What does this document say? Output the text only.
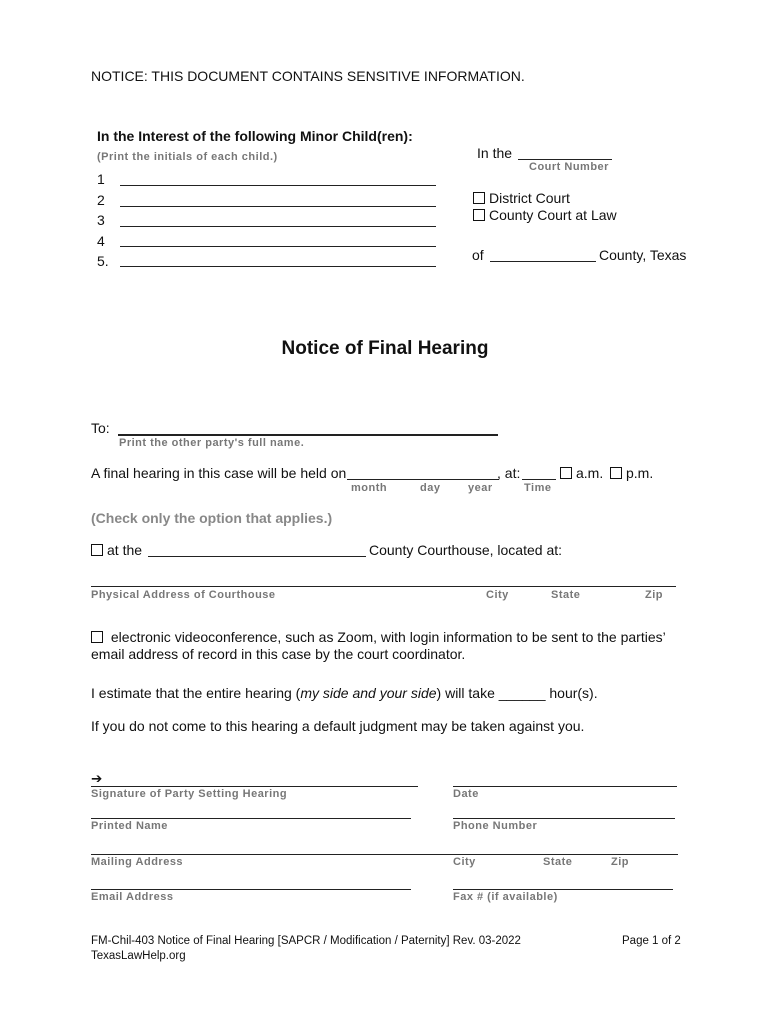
NOTICE: THIS DOCUMENT CONTAINS SENSITIVE INFORMATION.
In the Interest of the following Minor Child(ren):
(Print the initials of each child.)
1
2
3
4
5.
In the
Court Number
District Court
County Court at Law
of	County, Texas
Notice of Final Hearing
To:
Print the other party's full name.
A final hearing in this case will be held on	, at:	a.m.	p.m.
month	day	year	Time
(Check only the option that applies.)
at the	County Courthouse, located at:
Physical Address of Courthouse	City	State	Zip
electronic videoconference, such as Zoom, with login information to be sent to the parties’
email address of record in this case by the court coordinator.
I estimate that the entire hearing (my side and your side) will take ______ hour(s).
If you do not come to this hearing a default judgment may be taken against you.
➔
Signature of Party Setting Hearing	Date
Printed Name	Phone Number
Mailing Address	City	State	Zip
Email Address	Fax # (if available)
FM-Chil-403 Notice of Final Hearing [SAPCR / Modification / Paternity] Rev. 03-2022
TexasLawHelp.org
Page 1 of 2
